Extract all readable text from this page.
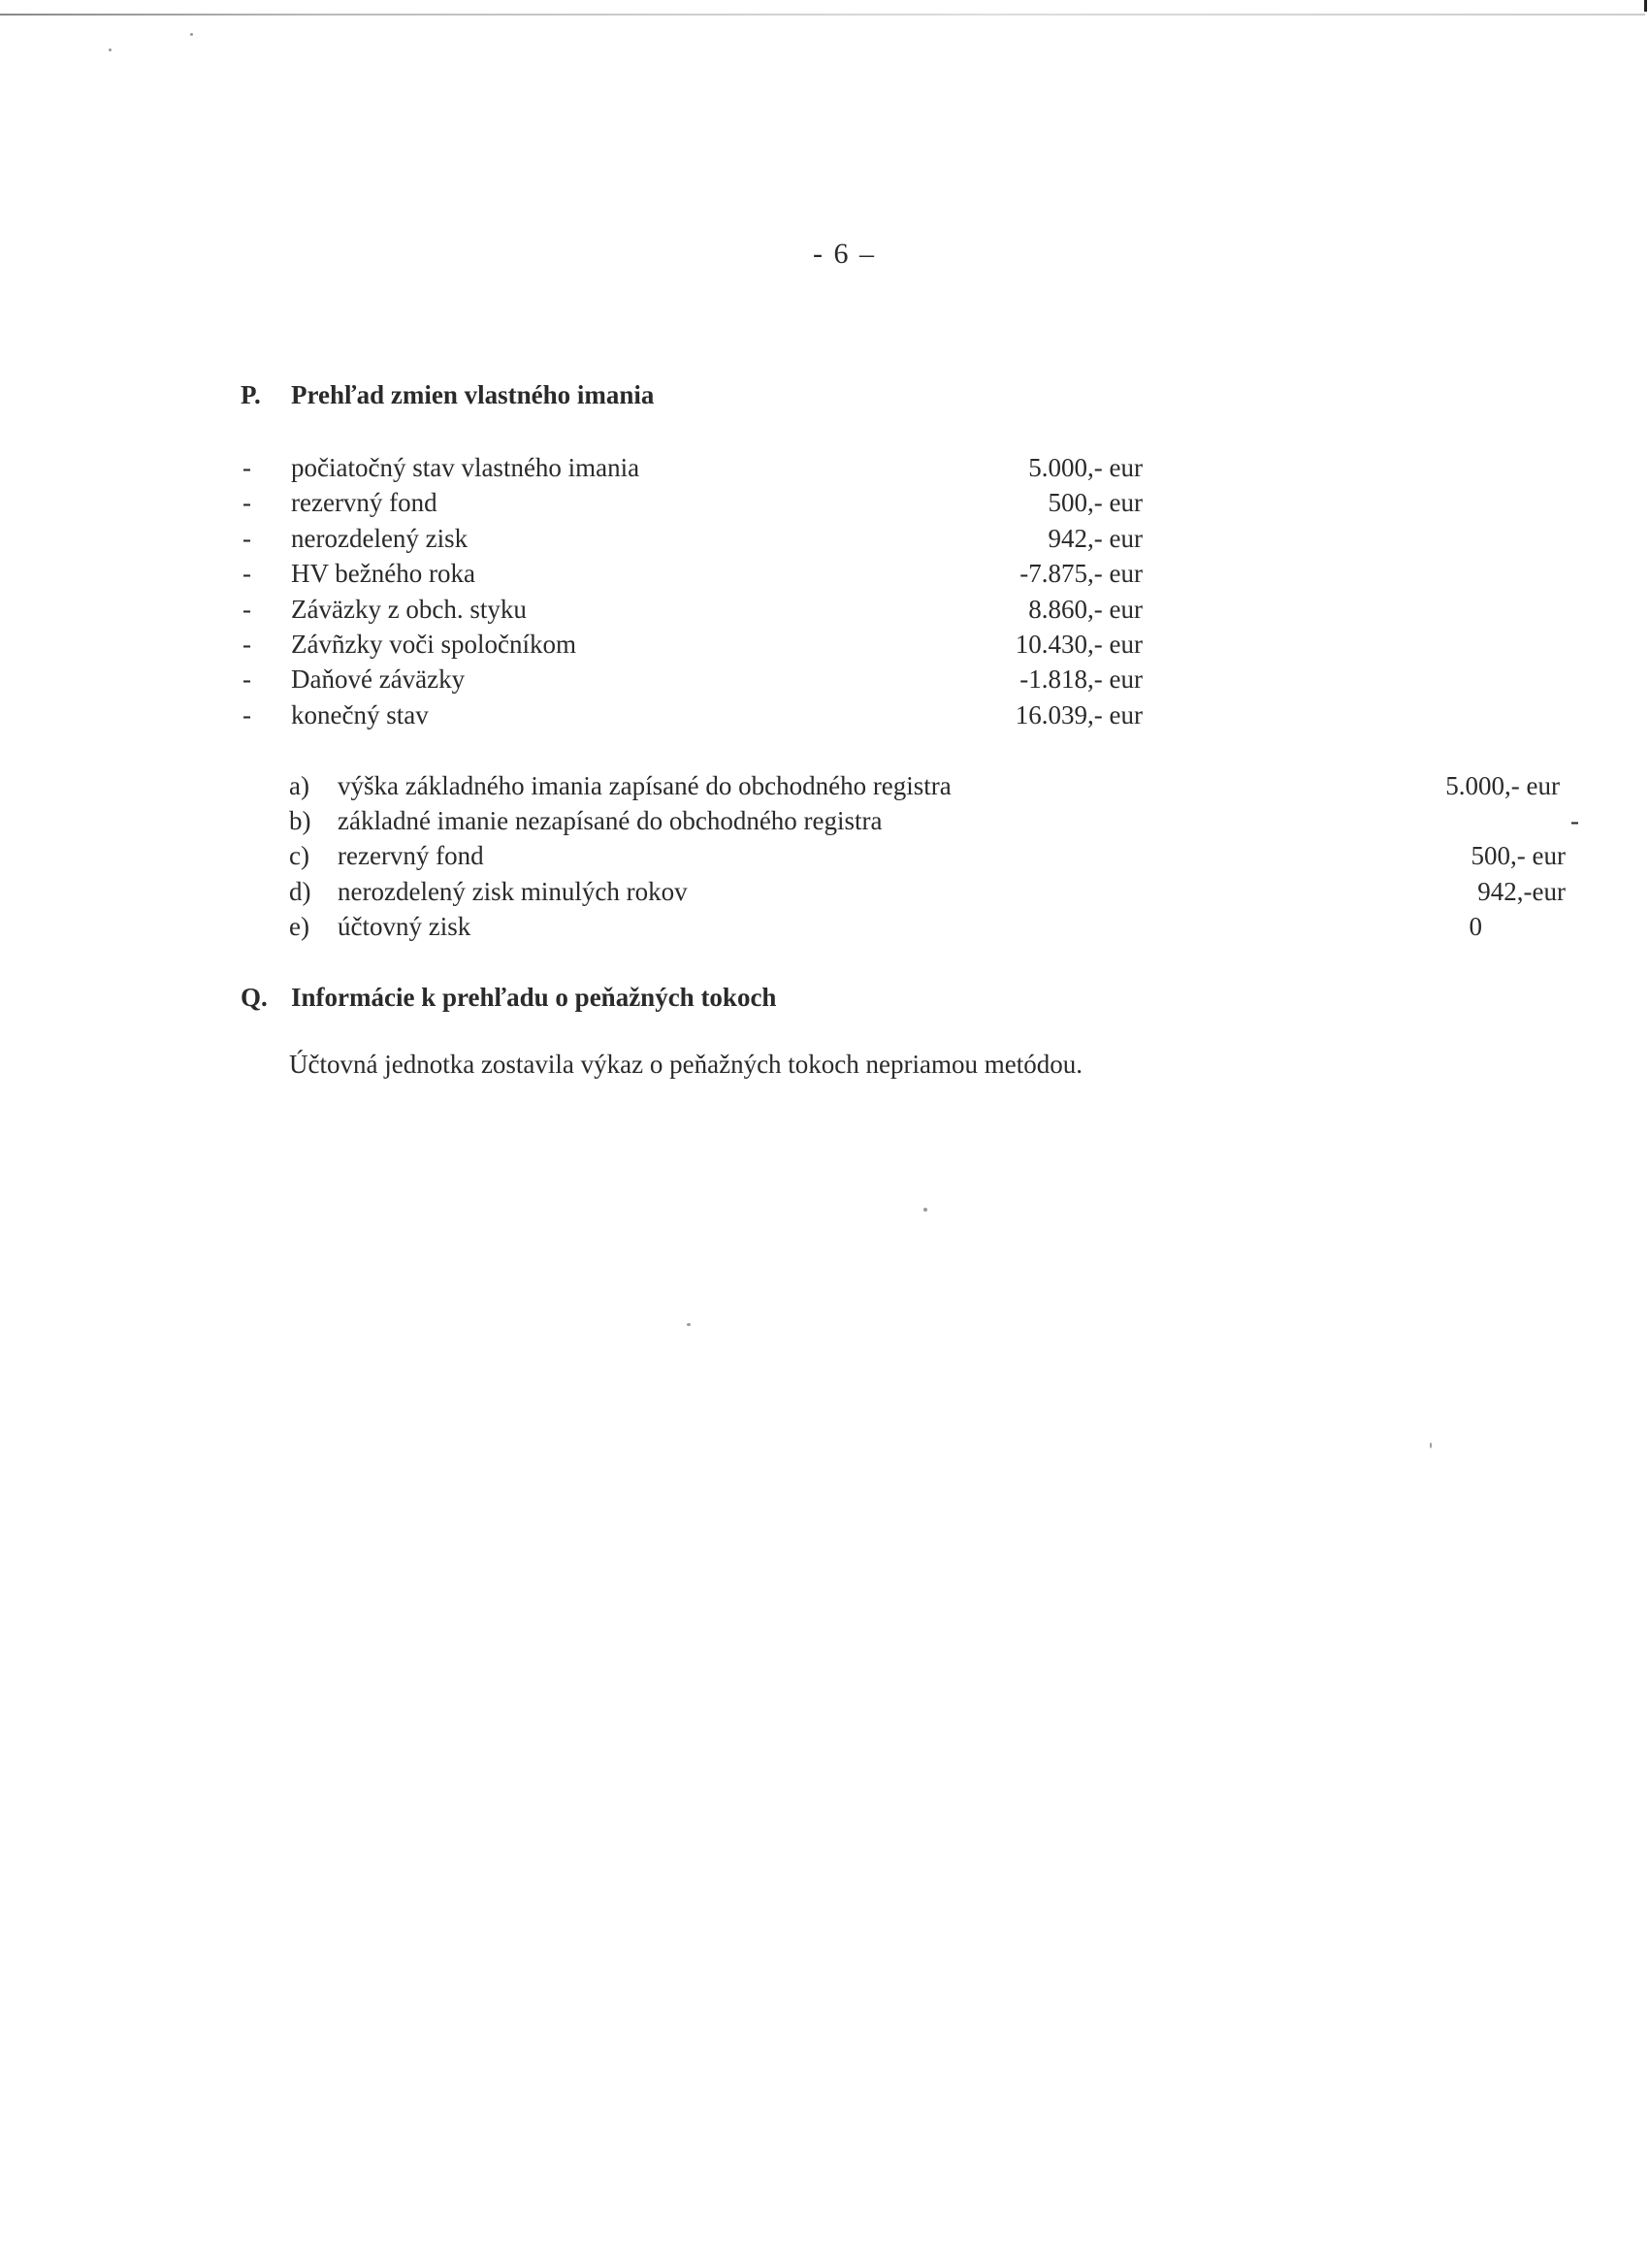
- 6 –
P. Prehľad zmien vlastného imania
-	počiatočný stav vlastného imania	5.000,- eur
-	rezervný fond	500,- eur
-	nerozdelený zisk	942,- eur
-	HV bežného roka	-7.875,- eur
-	Záväzky z obch. styku	8.860,- eur
-	Závñzky voči spoločníkom	10.430,- eur
-	Daňové záväzky	-1.818,- eur
-	konečný stav	16.039,- eur
a)	výška základného imania zapísané do obchodného registra	5.000,- eur
b)	základné imanie nezapísané do obchodného registra	-
c)	rezervný fond	500,- eur
d)	nerozdelený zisk minulých rokov	942,-eur
e)	účtovný zisk	0
Q. Informácie k prehľadu o peňažných tokoch
Účtovná jednotka zostavila výkaz o peňažných tokoch nepriamou metódou.
